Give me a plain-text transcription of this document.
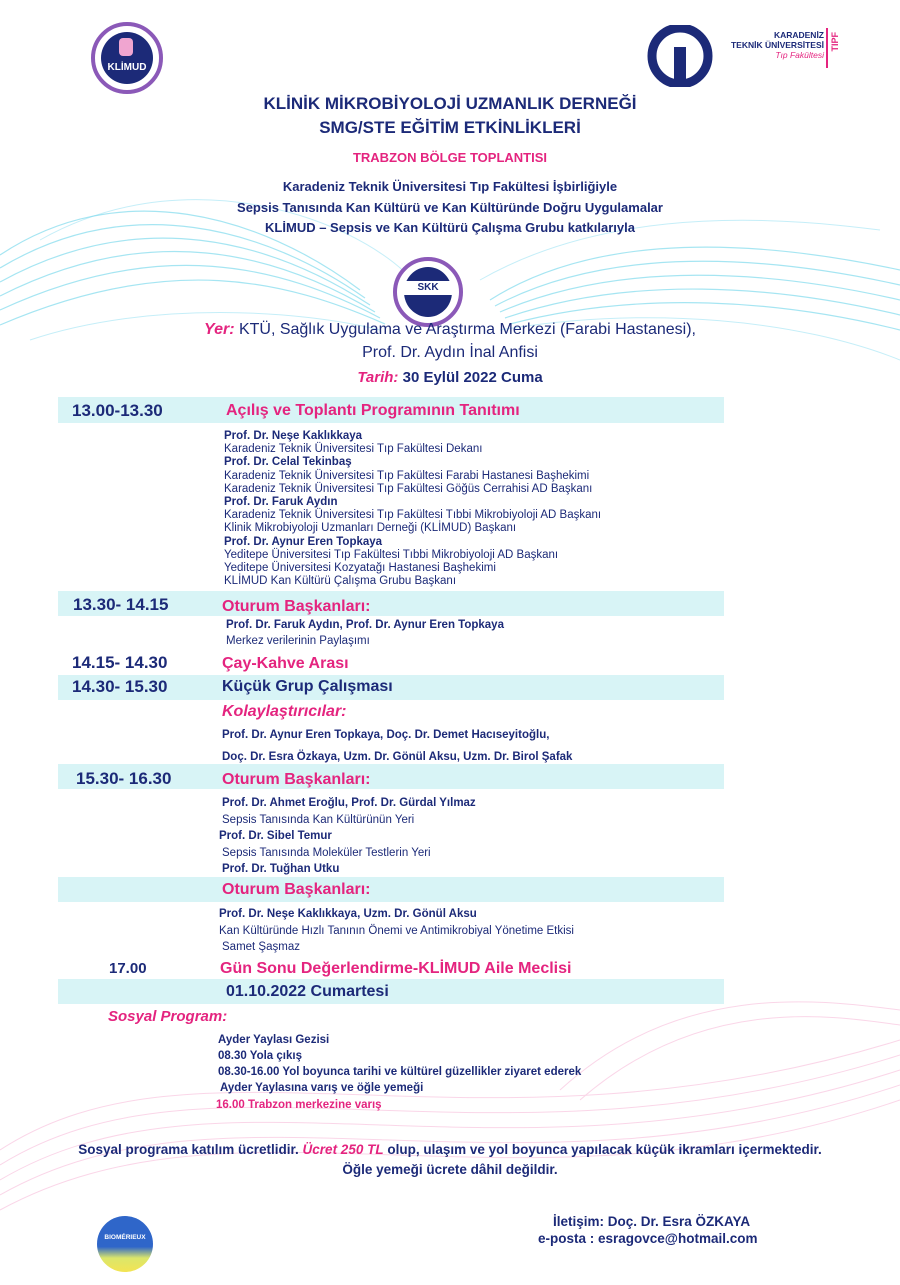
KLİMUD
KARADENİZ
TEKNİK ÜNİVERSİTESİ
Tıp Fakültesi
TIPF
KLİNİK MİKROBİYOLOJİ UZMANLIK DERNEĞİ
SMG/STE EĞİTİM ETKİNLİKLERİ
TRABZON BÖLGE TOPLANTISI
Karadeniz Teknik Üniversitesi Tıp Fakültesi İşbirliğiyle
Sepsis Tanısında Kan Kültürü ve Kan Kültüründe Doğru Uygulamalar
KLİMUD – Sepsis ve Kan Kültürü Çalışma Grubu katkılarıyla
SKK
Yer: KTÜ, Sağlık Uygulama ve Araştırma Merkezi (Farabi Hastanesi),
Prof. Dr. Aydın İnal Anfisi
Tarih: 30 Eylül 2022 Cuma
13.00-13.30	Açılış ve Toplantı Programının Tanıtımı
Prof. Dr. Neşe Kaklıkkaya
Karadeniz Teknik Üniversitesi Tıp Fakültesi Dekanı
Prof. Dr. Celal Tekinbaş
Karadeniz Teknik Üniversitesi Tıp Fakültesi Farabi Hastanesi Başhekimi
Karadeniz Teknik Üniversitesi Tıp Fakültesi Göğüs Cerrahisi AD Başkanı
Prof. Dr. Faruk Aydın
Karadeniz Teknik Üniversitesi Tıp Fakültesi Tıbbi Mikrobiyoloji AD Başkanı
Klinik Mikrobiyoloji Uzmanları Derneği (KLİMUD) Başkanı
Prof. Dr. Aynur Eren Topkaya
Yeditepe Üniversitesi Tıp Fakültesi Tıbbi Mikrobiyoloji AD Başkanı
Yeditepe Üniversitesi Kozyatağı Hastanesi Başhekimi
KLİMUD Kan Kültürü Çalışma Grubu Başkanı
13.30- 14.15	Oturum Başkanları:
Prof. Dr. Faruk Aydın, Prof. Dr. Aynur Eren Topkaya
Merkez verilerinin Paylaşımı
14.15- 14.30	Çay-Kahve Arası
14.30- 15.30	Küçük Grup Çalışması
Kolaylaştırıcılar:
Prof. Dr. Aynur Eren Topkaya, Doç. Dr. Demet Hacıseyitoğlu,
Doç. Dr. Esra Özkaya, Uzm. Dr. Gönül Aksu, Uzm. Dr. Birol Şafak
15.30- 16.30	Oturum Başkanları:
Prof. Dr. Ahmet Eroğlu, Prof. Dr. Gürdal Yılmaz
Sepsis Tanısında Kan Kültürünün Yeri
Prof. Dr. Sibel Temur
Sepsis Tanısında Moleküler Testlerin Yeri
Prof. Dr. Tuğhan Utku
Oturum Başkanları:
Prof. Dr. Neşe Kaklıkkaya, Uzm. Dr. Gönül Aksu
Kan Kültüründe Hızlı Tanının Önemi ve Antimikrobiyal Yönetime Etkisi
Samet Şaşmaz
17.00	Gün Sonu Değerlendirme-KLİMUD Aile Meclisi
01.10.2022 Cumartesi
Sosyal Program:
Ayder Yaylası Gezisi
08.30 Yola çıkış
08.30-16.00 Yol boyunca tarihi ve kültürel güzellikler ziyaret ederek
Ayder Yaylasına varış ve öğle yemeği
16.00 Trabzon merkezine varış
Sosyal programa katılım ücretlidir. Ücret 250 TL olup, ulaşım ve yol boyunca yapılacak küçük ikramları içermektedir.
Öğle yemeği ücrete dâhil değildir.
BIOMÉRIEUX
İletişim: Doç. Dr. Esra ÖZKAYA
e-posta : esragovce@hotmail.com
